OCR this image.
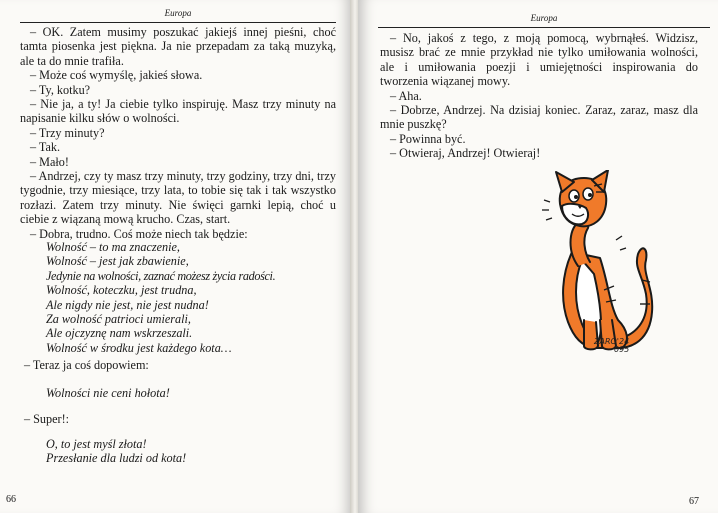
Europa

– OK. Zatem musimy poszukać jakiejś innej pieśni, choć tamta piosenka jest piękna. Ja nie przepadam za taką muzyką, ale ta do mnie trafiła.

– Może coś wymyślę, jakieś słowa.

– Ty, kotku?

– Nie ja, a ty! Ja ciebie tylko inspiruję. Masz trzy minuty na napisanie kilku słów o wolności.

– Trzy minuty?

– Tak.

– Mało!

– Andrzej, czy ty masz trzy minuty, trzy godziny, trzy dni, trzy tygodnie, trzy miesiące, trzy lata, to tobie się tak i tak wszystko rozłazi. Zatem trzy minuty. Nie święci garnki lepią, choć u ciebie z wiązaną mową krucho. Czas, start.

– Dobra, trudno. Coś może niech tak będzie:

Wolność – to ma znaczenie,
Wolność – jest jak zbawienie,
Jedynie na wolności, zaznać możesz życia radości.
Wolność, koteczku, jest trudna,
Ale nigdy nie jest, nie jest nudna!
Za wolność patrioci umierali,
Ale ojczyznę nam wskrzeszali.
Wolność w środku jest każdego kota…
– Teraz ja coś dopowiem:
Wolności nie ceni hołota!
– Super!:
O, to jest myśl złota!
Przesłanie dla ludzi od kota!
66
Europa

– No, jakoś z tego, z moją pomocą, wybrnąłeś. Widzisz, musisz brać ze mnie przykład nie tylko umiłowania wolności, ale i umiłowania poezji i umiejętności inspirowania do tworzenia wiązanej mowy.

– Aha.

– Dobrze, Andrzej. Na dzisiaj koniec. Zaraz, zaraz, masz dla mnie puszkę?

– Powinna być.

– Otwieraj, Andrzej! Otwieraj!

ZARO'24
095
67
